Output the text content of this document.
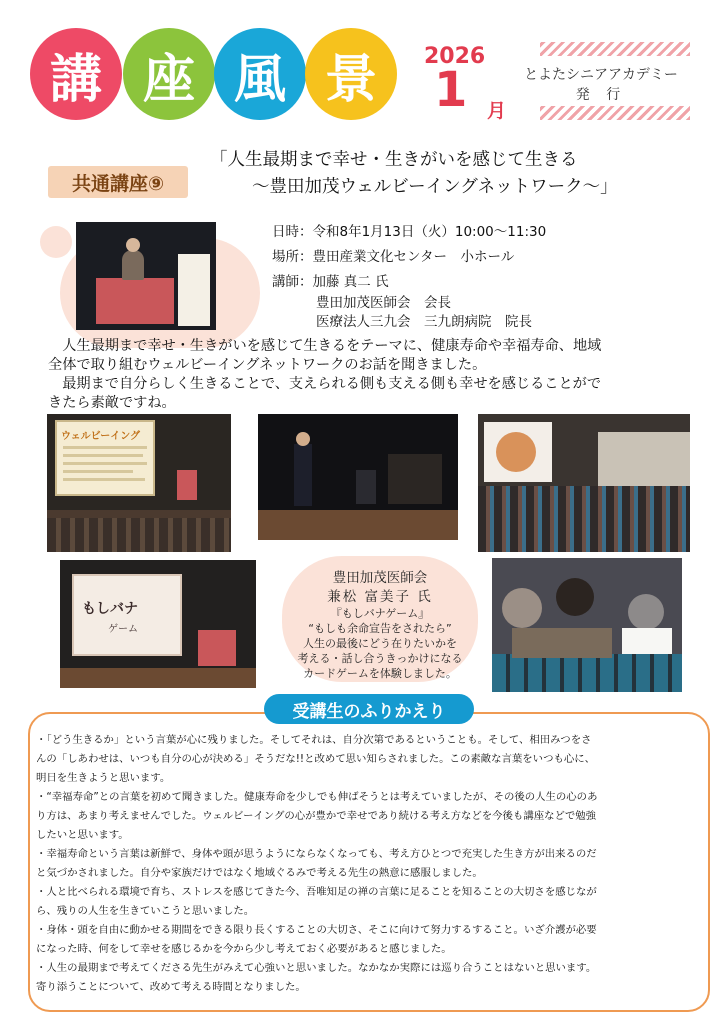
講 座 風 景	2026
1 月
とよたシニアアカデミー
発 行
共通講座⑨
「人生最期まで幸せ・生きがいを感じて生きる
～豊田加茂ウェルビーイングネットワーク～」
日時：令和8年1月13日（火）10:00～11:30
場所：豊田産業文化センター　小ホール
講師：加藤 真二 氏
豊田加茂医師会　会長
医療法人三九会　三九朗病院　院長
　人生最期まで幸せ・生きがいを感じて生きるをテーマに、健康寿命や幸福寿命、地域
全体で取り組むウェルビーイングネットワークのお話を聞きました。
　最期まで自分らしく生きることで、支えられる側も支える側も幸せを感じることがで
きたら素敵ですね。
ウェルビーイング
もしバナ
ゲーム
豊田加茂医師会
兼松 富美子 氏
『もしバナゲーム』
“もしも余命宣告をされたら”
人生の最後にどう在りたいかを
考える・話し合うきっかけになる
カードゲームを体験しました。
受講生のふりかえり
・「どう生きるか」という言葉が心に残りました。そしてそれは、自分次第であるということも。そして、相田みつをさ
んの「しあわせは、いつも自分の心が決める」そうだな!!と改めて思い知らされました。この素敵な言葉をいつも心に、
明日を生きようと思います。
・“幸福寿命”との言葉を初めて聞きました。健康寿命を少しでも伸ばそうとは考えていましたが、その後の人生の心のあ
り方は、あまり考えませんでした。ウェルビーイングの心が豊かで幸せであり続ける考え方などを今後も講座などで勉強
したいと思います。
・幸福寿命という言葉は新鮮で、身体や頭が思うようにならなくなっても、考え方ひとつで充実した生き方が出来るのだ
と気づかされました。自分や家族だけではなく地域ぐるみで考える先生の熱意に感服しました。
・人と比べられる環境で育ち、ストレスを感じてきた今、吾唯知足の禅の言葉に足ることを知ることの大切さを感じなが
ら、残りの人生を生きていこうと思いました。
・身体・頭を自由に動かせる期間をできる限り長くすることの大切さ、そこに向けて努力するすること。いざ介護が必要
になった時、何をして幸せを感じるかを今から少し考えておく必要があると感じました。
・人生の最期まで考えてくださる先生がみえて心強いと思いました。なかなか実際には巡り合うことはないと思います。
寄り添うことについて、改めて考える時間となりました。
